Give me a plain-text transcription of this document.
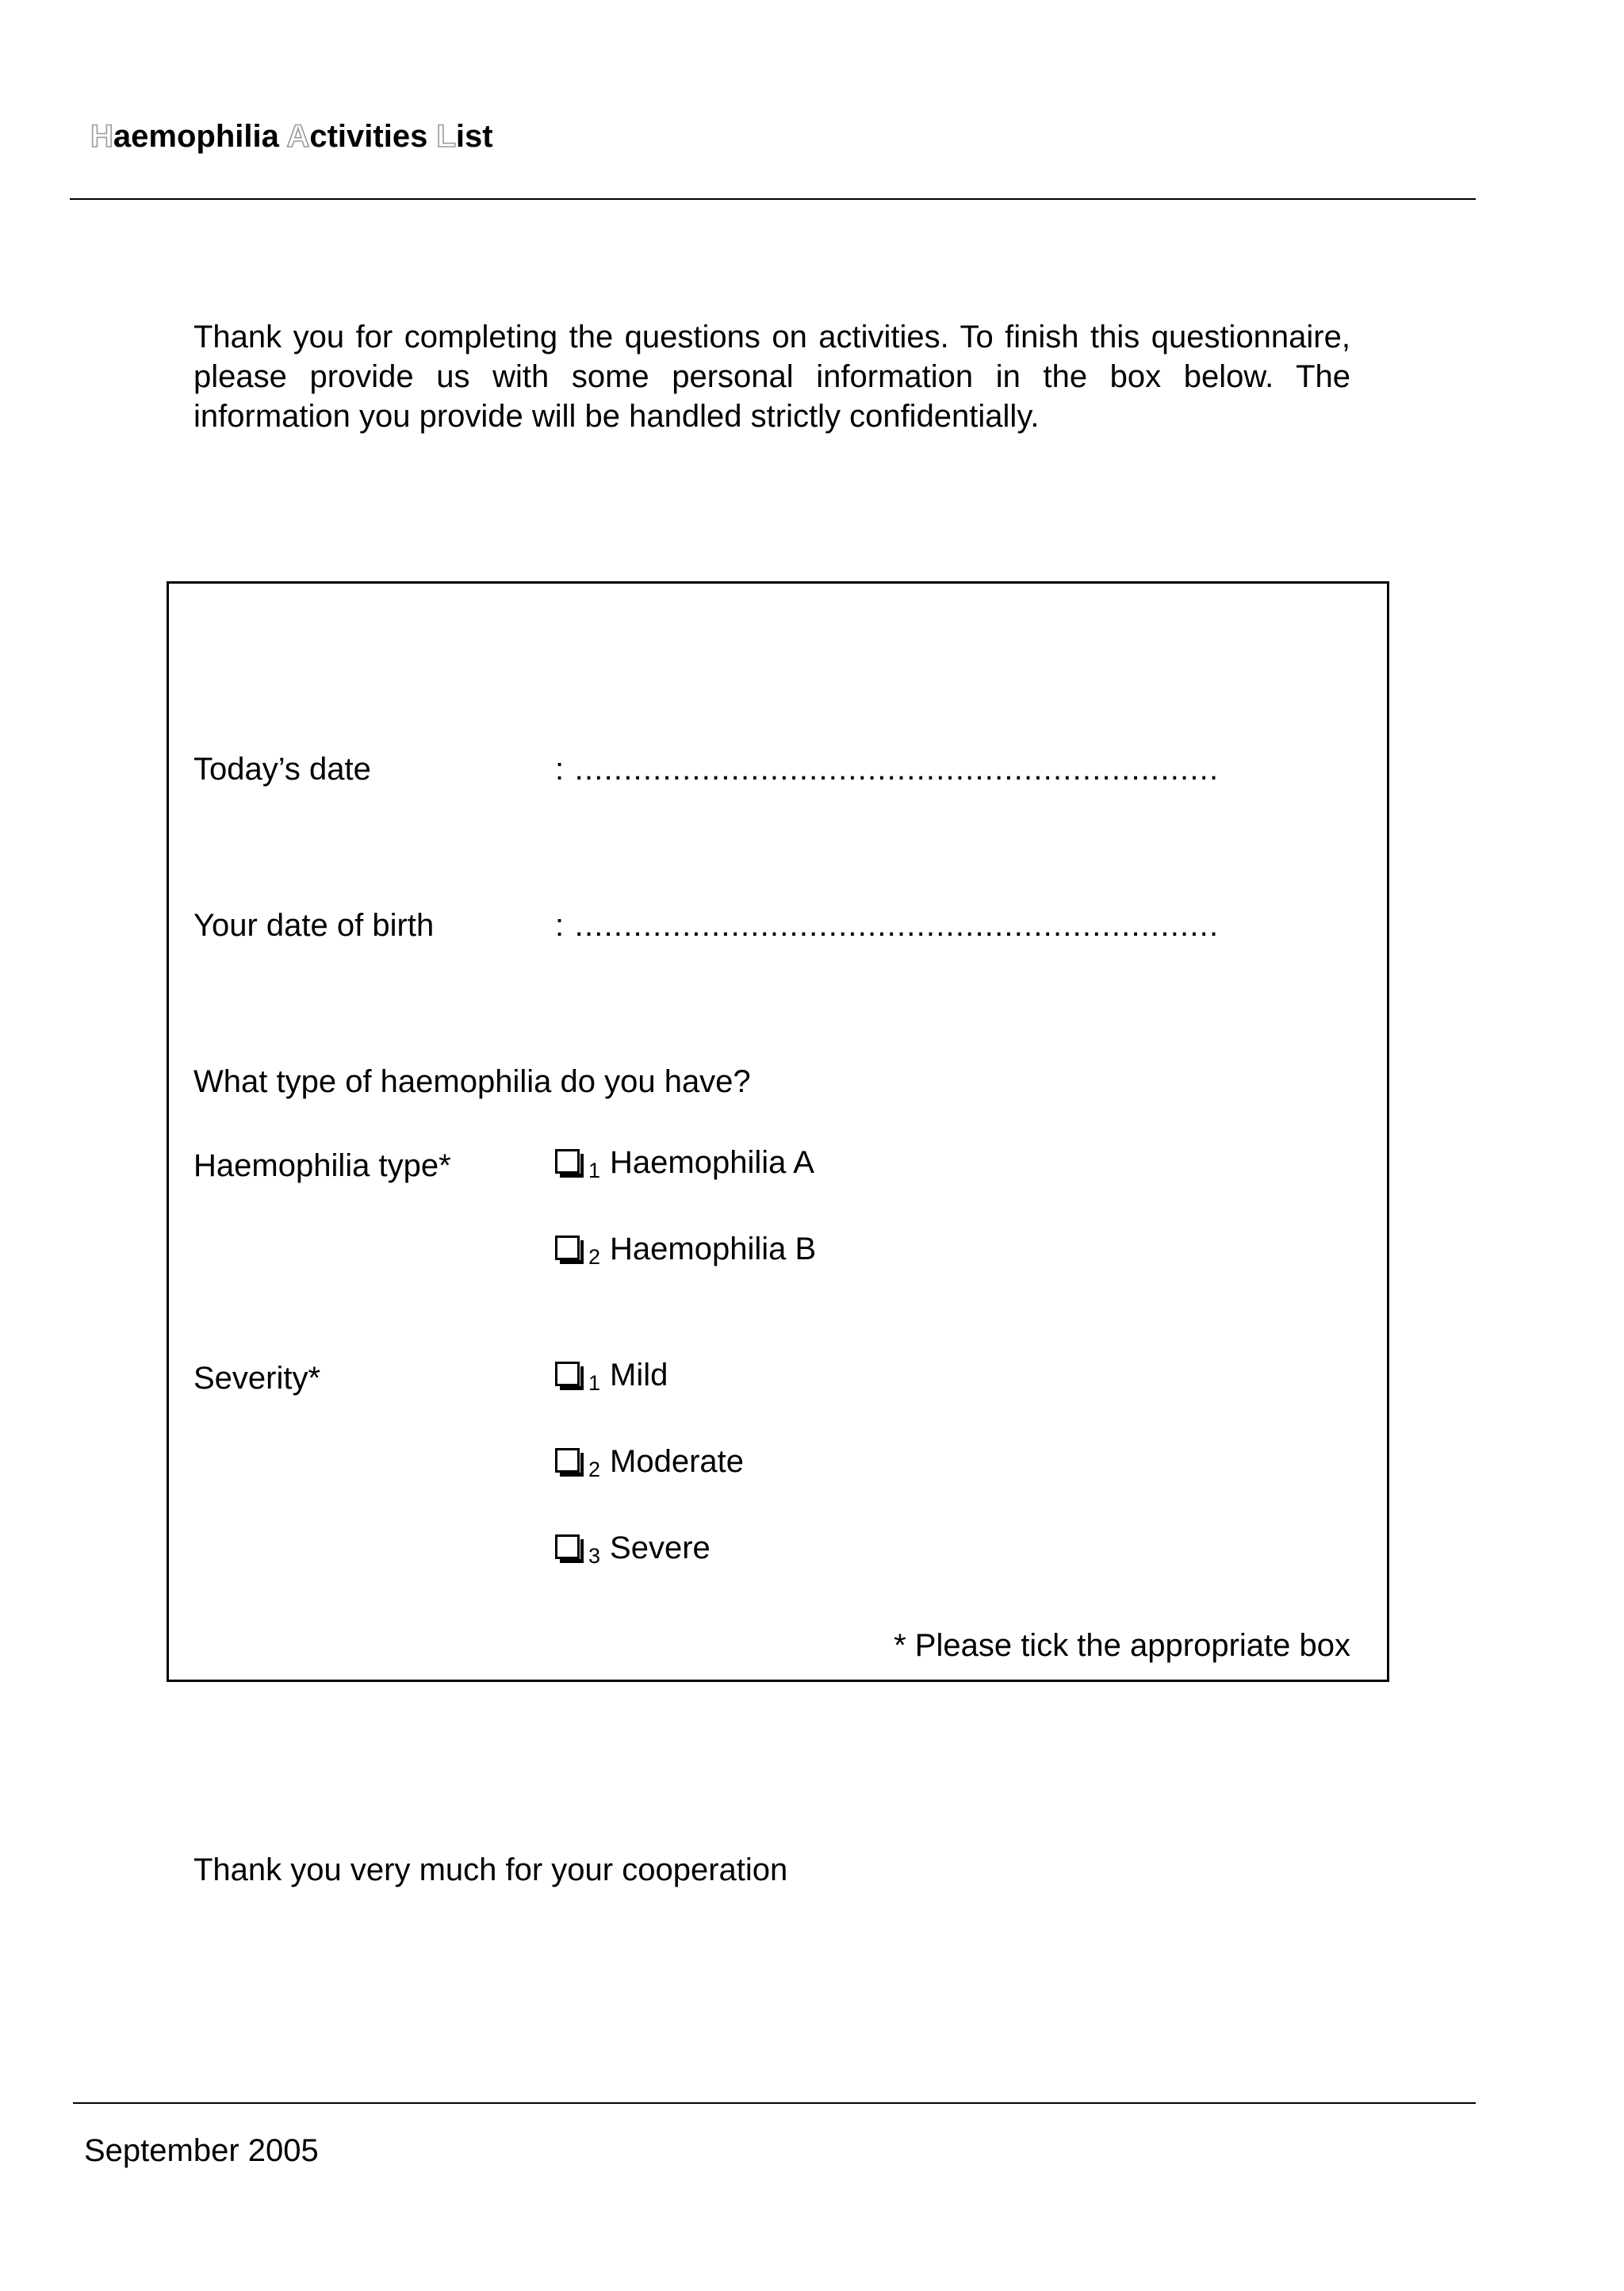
Haemophilia Activities List
Thank you for completing the questions on activities. To finish this questionnaire, please provide us with some personal information in the box below. The information you provide will be handled strictly confidentially.
Today’s date	: ..................................................................
Your date of birth	: ..................................................................
What type of haemophilia do you have?
Haemophilia type*	1 Haemophilia A
2 Haemophilia B
Severity*	1 Mild
2 Moderate
3 Severe
* Please tick the appropriate box
Thank you very much for your cooperation
September 2005
